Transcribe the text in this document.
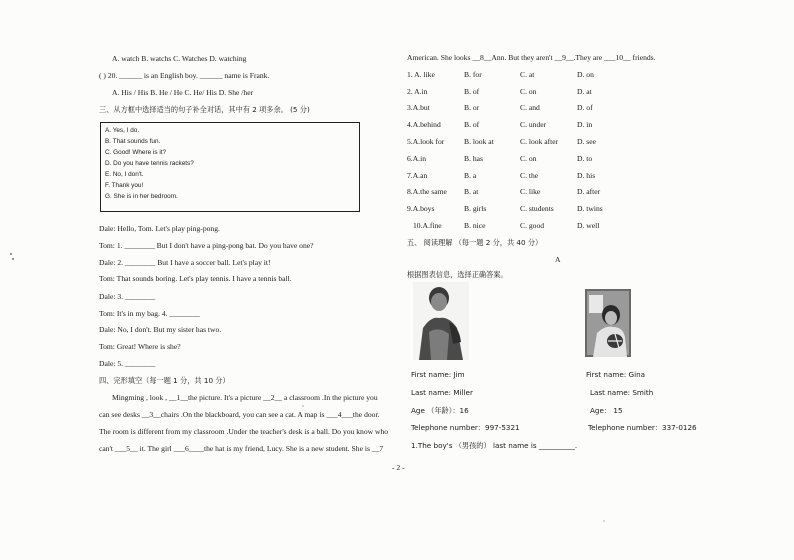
A. watch B. watchs C. Watches D. watching
( ) 20. ______ is an English boy. ______ name is Frank.
A. His / His B. He / He C. He/ His D. She /her
三、从方框中选择适当的句子补全对话，其中有 2 项多余。 (5 分)
A. Yes, I do.
B. That sounds fun.
C. Good! Where is it?
D. Do you have tennis rackets?
E. No, I don't.
F. Thank you!
G. She is in her bedroom.
Dale: Hello, Tom. Let's play ping-pong.
Tom: 1. ________ But I don't have a ping-pong bat. Do you have one?
Dale: 2. ________ But I have a soccer ball. Let's play it!
Tom: That sounds boring. Let's play tennis. I have a tennis ball.
Dale: 3. ________
Tom: It's in my bag. 4. ________
Dale: No, I don't. But my sister has two.
Tom: Great! Where is she?
Dale: 5. ________
四、完形填空（每一题 1 分，共 10 分）
Mingming , look , __1__the picture. It's a picture __2__ a classroom .In the picture you
can see desks __3__chairs .On the blackboard, you can see a cat. A map is ___4___the door.
The room is different from my classroom .Under the teacher's desk is a ball. Do you know who
can't ___5__ it. The girl ___6____the hat is my friend, Lucy. She is a new student. She is __7
American. She looks __8__Ann. But they aren't __9__.They are ___10__ friends.
1. A. like	B. for	C. at	D. on
2. A.in	B. of	C. on	D. at
3.A.but	B. or	C. and	D. of
4.A.behind	B. of	C. under	D. in
5.A.look for	B. look at	C. look after D. see
6.A.in	B. has	C. on	D. to
7.A.an	B. a	C. the	D. his
8.A.the same B. at	C. like	D. after
9.A.boys	B. girls	C. students	D. twins
10.A.fine	B. nice	C. good	D. well
五、 阅读理解 （每一题 2 分，共 40 分）
A
根据图表信息，选择正确答案。
First name: Jim
Last name: Miller
Age （年龄）：16
Telephone number：997-5321
First name: Gina
Last name: Smith
Age： 15
Telephone number：337-0126
1.The boy's （男孩的） last name is __________.
- 2 -
